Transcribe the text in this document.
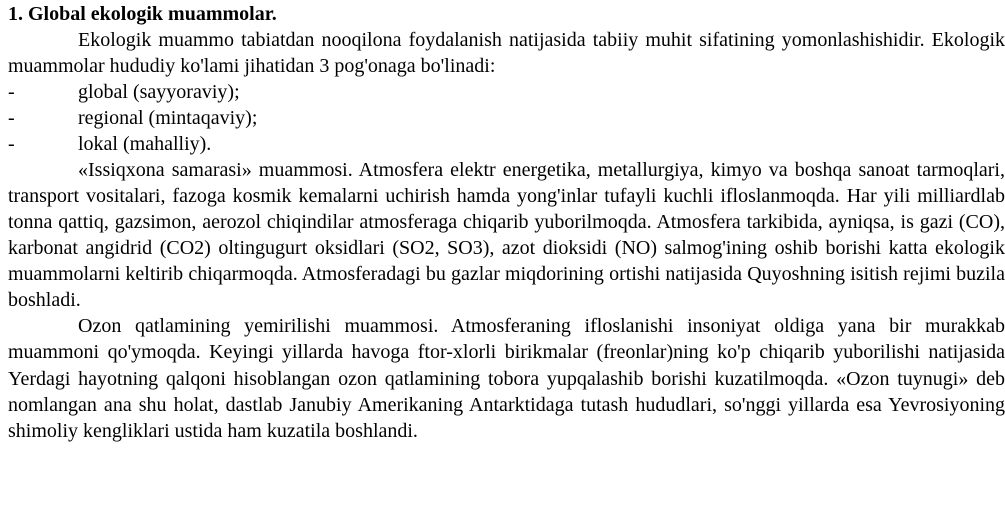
1. Global ekologik muammolar.

Ekologik muammo tabiatdan nooqilona foydalanish natijasida tabiiy muhit sifatining yomonlashishidir. Ekologik muammolar hududiy ko'lami jihatidan 3 pog'onaga bo'linadi:

-	global (sayyoraviy);
-	regional (mintaqaviy);
-	lokal (mahalliy).

«Issiqxona samarasi» muammosi. Atmosfera elektr energetika, metallurgiya, kimyo va boshqa sanoat tarmoqlari, transport vositalari, fazoga kosmik kemalarni uchirish hamda yong'inlar tufayli kuchli ifloslanmoqda. Har yili milliardlab tonna qattiq, gazsimon, aerozol chiqindilar atmosferaga chiqarib yuborilmoqda. Atmosfera tarkibida, ayniqsa, is gazi (CO), karbonat angidrid (CO2) oltingugurt oksidlari (SO2, SO3), azot dioksidi (NO) salmog'ining oshib borishi katta ekologik muammolarni keltirib chiqarmoqda. Atmosferadagi bu gazlar miqdorining ortishi natijasida Quyoshning isitish rejimi buzila boshladi.

Ozon qatlamining yemirilishi muammosi. Atmosferaning ifloslanishi insoniyat oldiga yana bir murakkab muammoni qo'ymoqda. Keyingi yillarda havoga ftor-xlorli birikmalar (freonlar)ning ko'p chiqarib yuborilishi natijasida Yerdagi hayotning qalqoni hisoblangan ozon qatlamining tobora yupqalashib borishi kuzatilmoqda. «Ozon tuynugi» deb nomlangan ana shu holat, dastlab Janubiy Amerikaning Antarktidaga tutash hududlari, so'nggi yillarda esa Yevrosiyoning shimoliy kengliklari ustida ham kuzatila boshlandi.
